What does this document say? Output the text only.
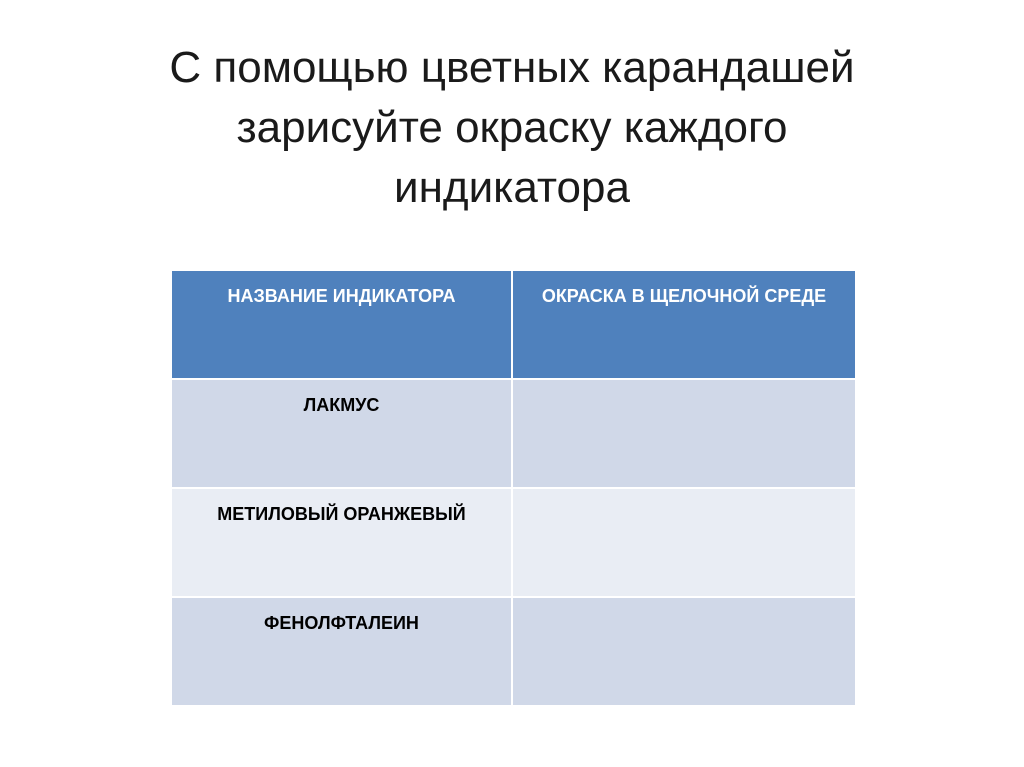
С помощью цветных карандашей
зарисуйте окраску каждого
индикатора
НАЗВАНИЕ ИНДИКАТОРА	ОКРАСКА В ЩЕЛОЧНОЙ СРЕДЕ
ЛАКМУС	
МЕТИЛОВЫЙ ОРАНЖЕВЫЙ	
ФЕНОЛФТАЛЕИН	
